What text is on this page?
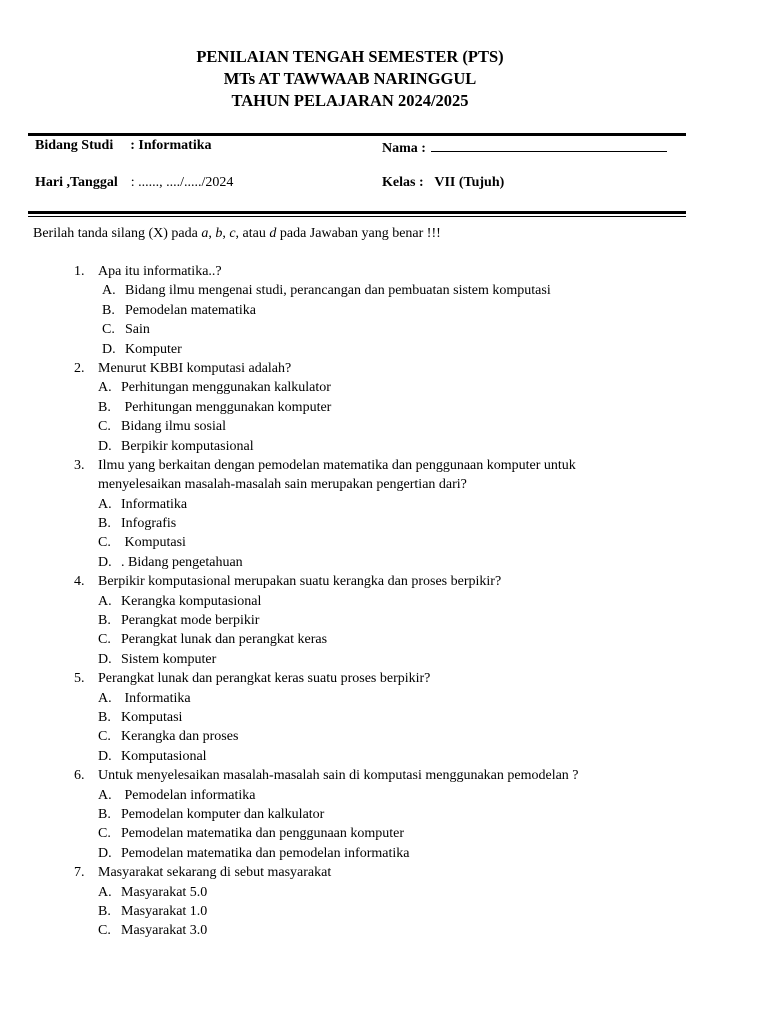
PENILAIAN TENGAH SEMESTER (PTS)
MTs AT TAWWAAB NARINGGUL
TAHUN PELAJARAN 2024/2025
Bidang Studi : Informatika	Nama :
Hari ,Tanggal : ......, ..../...../2024	Kelas : VII (Tujuh)
Berilah tanda silang (X) pada a, b, c, atau d pada Jawaban yang benar !!!
1. Apa itu informatika..?
A. Bidang ilmu mengenai studi, perancangan dan pembuatan sistem komputasi
B. Pemodelan matematika
C. Sain
D. Komputer
2. Menurut KBBI komputasi adalah?
A. Perhitungan menggunakan kalkulator
B. Perhitungan menggunakan komputer
C. Bidang ilmu sosial
D. Berpikir komputasional
3. Ilmu yang berkaitan dengan pemodelan matematika dan penggunaan komputer untuk
menyelesaikan masalah-masalah sain merupakan pengertian dari?
A. Informatika
B. Infografis
C. Komputasi
D. . Bidang pengetahuan
4. Berpikir komputasional merupakan suatu kerangka dan proses berpikir?
A. Kerangka komputasional
B. Perangkat mode berpikir
C. Perangkat lunak dan perangkat keras
D. Sistem komputer
5. Perangkat lunak dan perangkat keras suatu proses berpikir?
A. Informatika
B. Komputasi
C. Kerangka dan proses
D. Komputasional
6. Untuk menyelesaikan masalah-masalah sain di komputasi menggunakan pemodelan ?
A. Pemodelan informatika
B. Pemodelan komputer dan kalkulator
C. Pemodelan matematika dan penggunaan komputer
D. Pemodelan matematika dan pemodelan informatika
7. Masyarakat sekarang di sebut masyarakat
A. Masyarakat 5.0
B. Masyarakat 1.0
C. Masyarakat 3.0
